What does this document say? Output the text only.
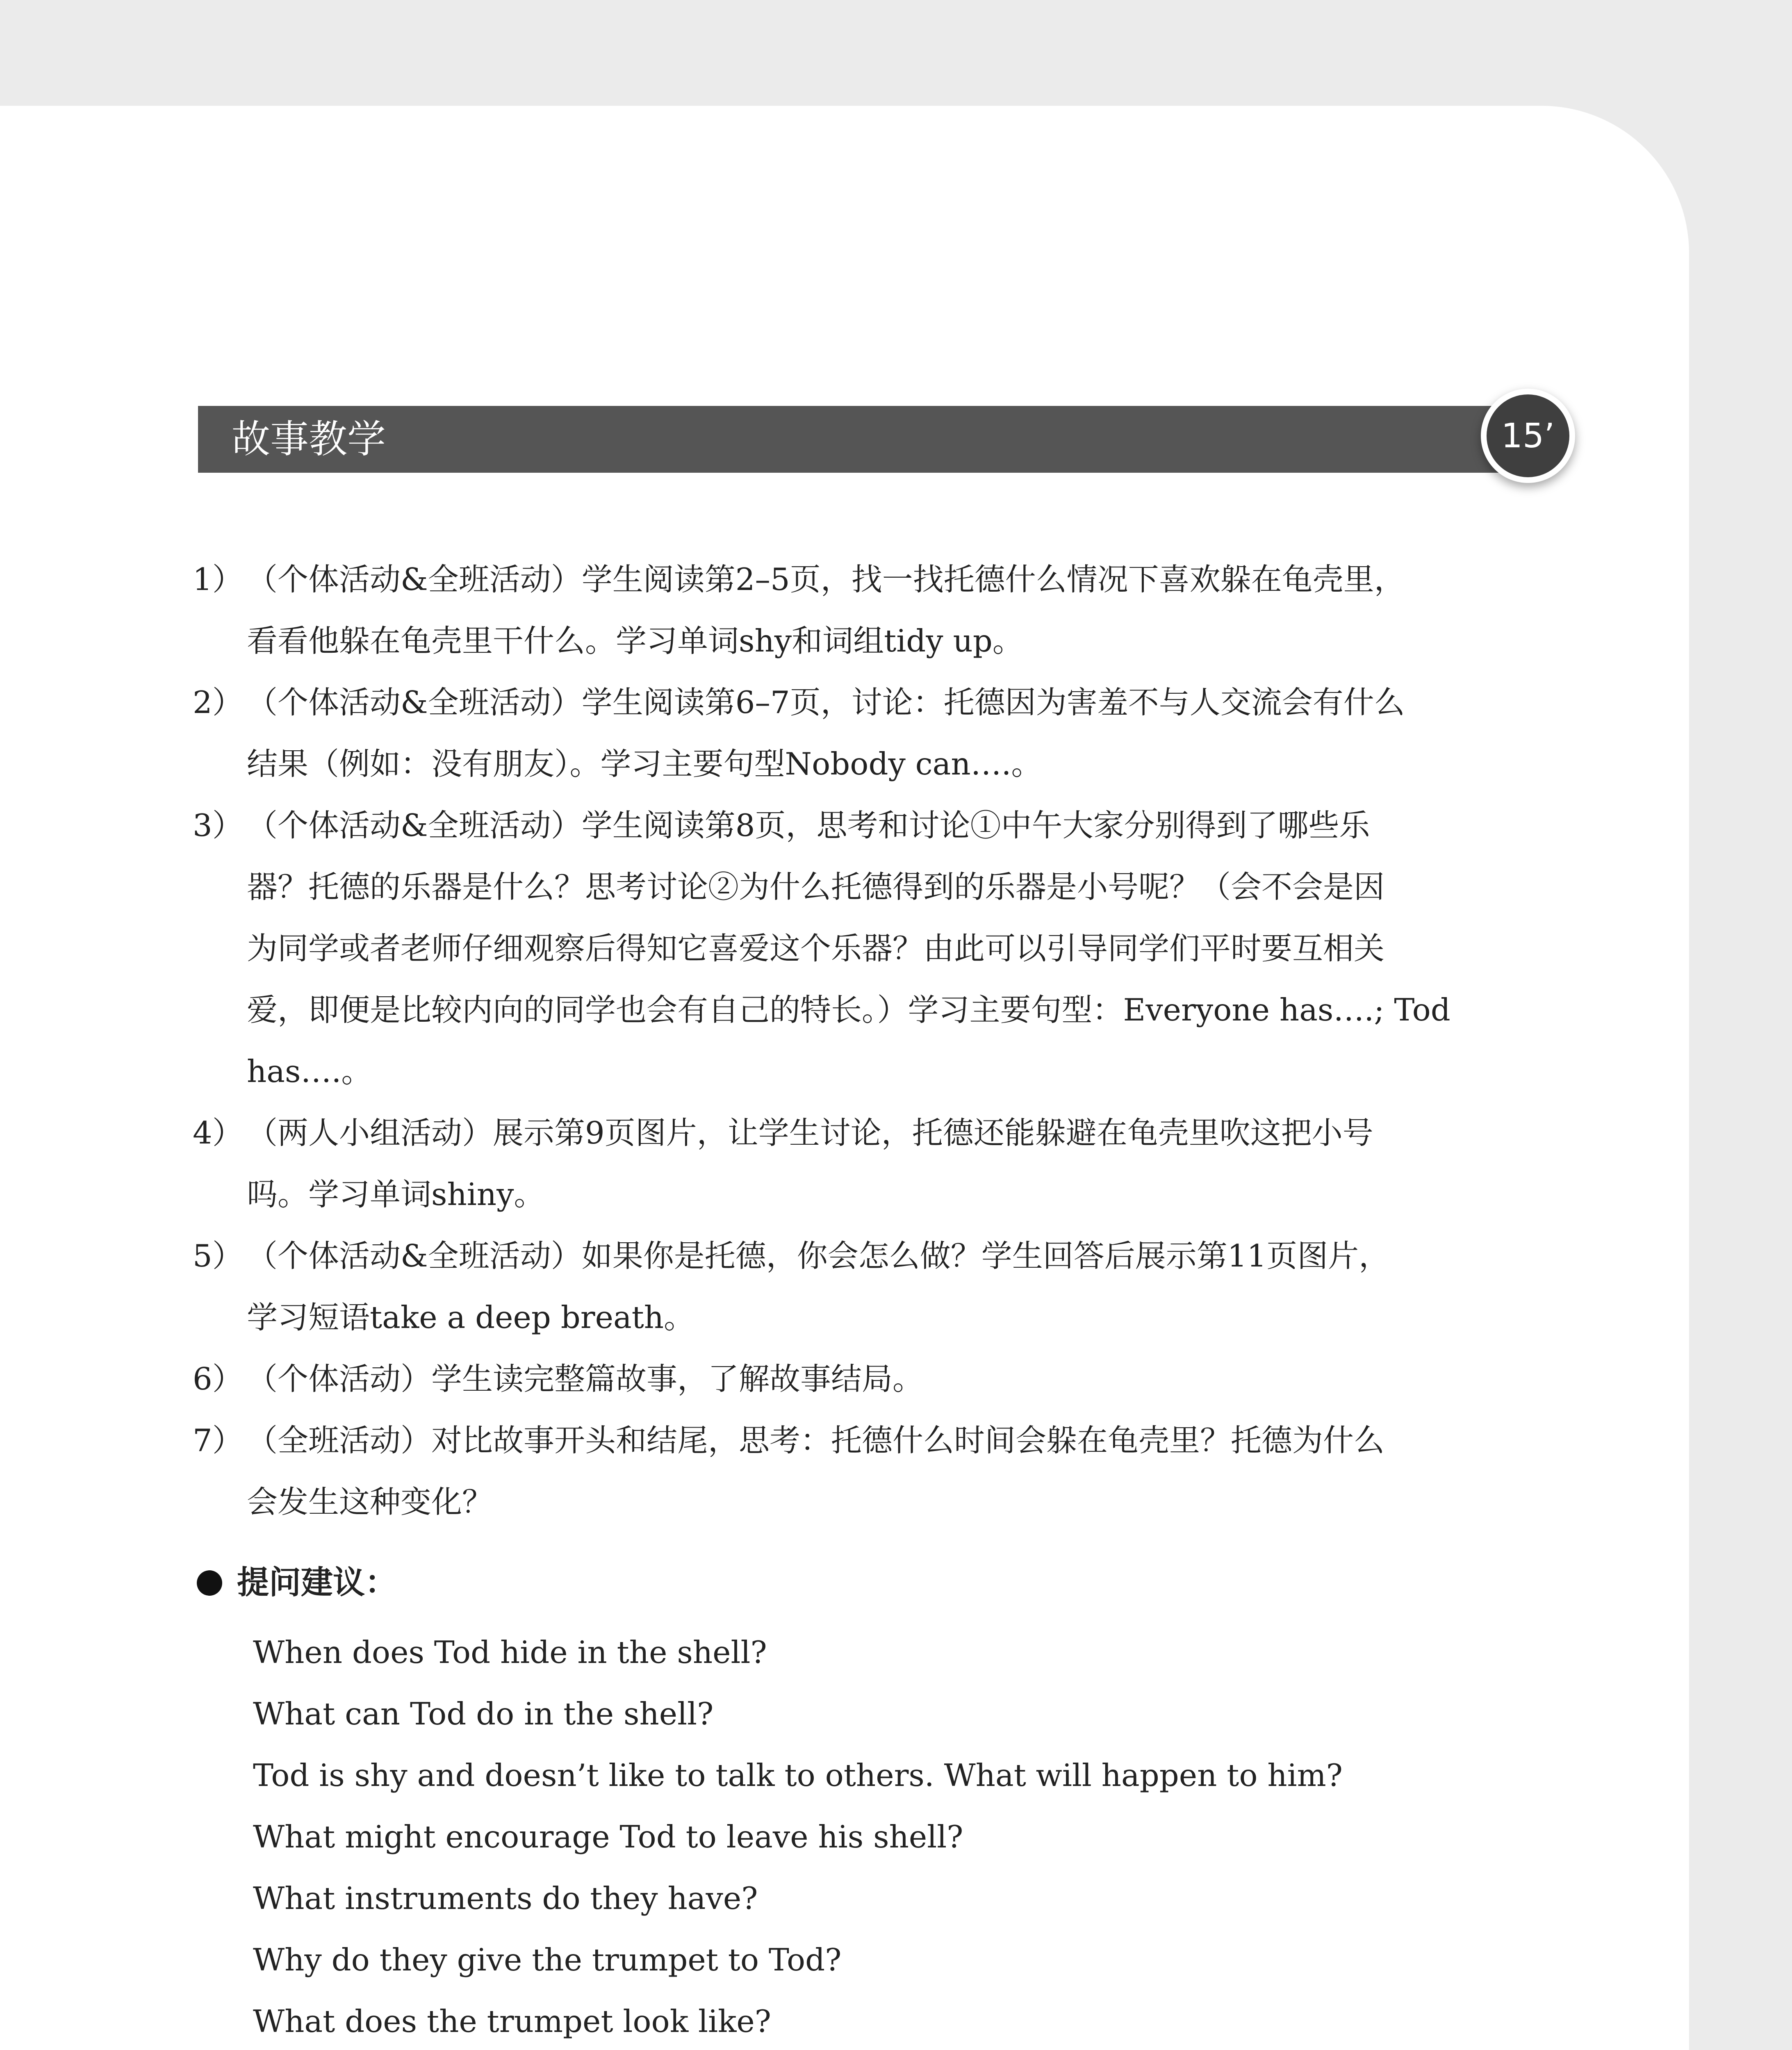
故事教学	15’
1） （个体活动&全班活动）学生阅读第2–5页，找一找托德什么情况下喜欢躲在龟壳里，
看看他躲在龟壳里干什么。学习单词shy和词组tidy up。
2） （个体活动&全班活动）学生阅读第6–7页，讨论：托德因为害羞不与人交流会有什么
结果（例如：没有朋友）。学习主要句型Nobody can….。
3） （个体活动&全班活动）学生阅读第8页，思考和讨论①中午大家分别得到了哪些乐
器？托德的乐器是什么？思考讨论②为什么托德得到的乐器是小号呢？（会不会是因
为同学或者老师仔细观察后得知它喜爱这个乐器？由此可以引导同学们平时要互相关
爱，即便是比较内向的同学也会有自己的特长。）学习主要句型：Everyone has….; Tod
has….。
4） （两人小组活动）展示第9页图片，让学生讨论，托德还能躲避在龟壳里吹这把小号
吗。学习单词shiny。
5） （个体活动&全班活动）如果你是托德，你会怎么做？学生回答后展示第11页图片，
学习短语take a deep breath。
6） （个体活动）学生读完整篇故事，了解故事结局。
7） （全班活动）对比故事开头和结尾，思考：托德什么时间会躲在龟壳里？托德为什么
会发生这种变化？
提问建议：
When does Tod hide in the shell?
What can Tod do in the shell?
Tod is shy and doesn’t like to talk to others. What will happen to him?
What might encourage Tod to leave his shell?
What instruments do they have?
Why do they give the trumpet to Tod?
What does the trumpet look like?
